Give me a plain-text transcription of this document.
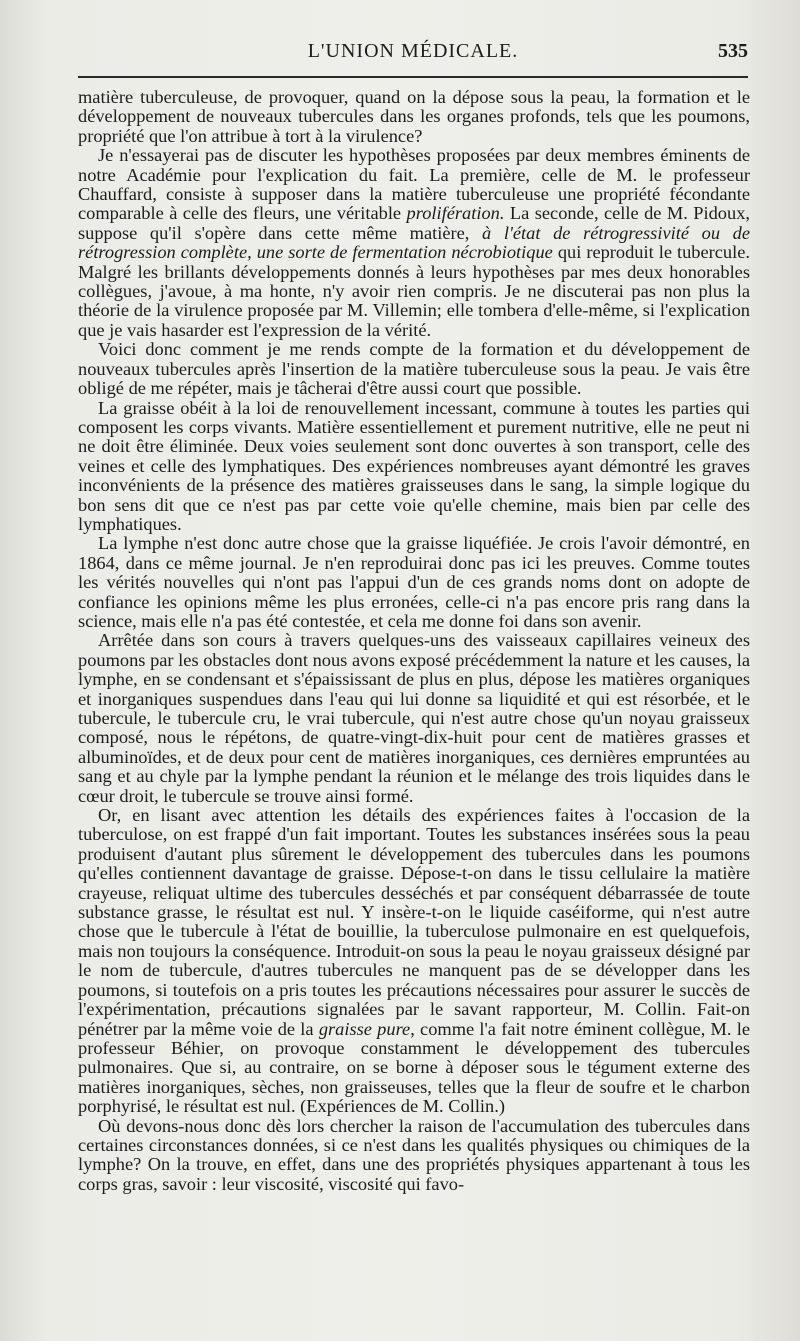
L'UNION MÉDICALE.	535

matière tuberculeuse, de provoquer, quand on la dépose sous la peau, la formation et le développement de nouveaux tubercules dans les organes profonds, tels que les poumons, propriété que l'on attribue à tort à la virulence?

Je n'essayerai pas de discuter les hypothèses proposées par deux membres éminents de notre Académie pour l'explication du fait. La première, celle de M. le professeur Chauffard, consiste à supposer dans la matière tuberculeuse une propriété fécondante comparable à celle des fleurs, une véritable prolifération. La seconde, celle de M. Pidoux, suppose qu'il s'opère dans cette même matière, à l'état de rétrogressivité ou de rétrogression complète, une sorte de fermentation nécrobiotique qui reproduit le tubercule. Malgré les brillants développements donnés à leurs hypothèses par mes deux honorables collègues, j'avoue, à ma honte, n'y avoir rien compris. Je ne discuterai pas non plus la théorie de la virulence proposée par M. Villemin; elle tombera d'elle-même, si l'explication que je vais hasarder est l'expression de la vérité.

Voici donc comment je me rends compte de la formation et du développement de nouveaux tubercules après l'insertion de la matière tuberculeuse sous la peau. Je vais être obligé de me répéter, mais je tâcherai d'être aussi court que possible.

La graisse obéit à la loi de renouvellement incessant, commune à toutes les parties qui composent les corps vivants. Matière essentiellement et purement nutritive, elle ne peut ni ne doit être éliminée. Deux voies seulement sont donc ouvertes à son transport, celle des veines et celle des lymphatiques. Des expériences nombreuses ayant démontré les graves inconvénients de la présence des matières graisseuses dans le sang, la simple logique du bon sens dit que ce n'est pas par cette voie qu'elle chemine, mais bien par celle des lymphatiques.

La lymphe n'est donc autre chose que la graisse liquéfiée. Je crois l'avoir démontré, en 1864, dans ce même journal. Je n'en reproduirai donc pas ici les preuves. Comme toutes les vérités nouvelles qui n'ont pas l'appui d'un de ces grands noms dont on adopte de confiance les opinions même les plus erronées, celle-ci n'a pas encore pris rang dans la science, mais elle n'a pas été contestée, et cela me donne foi dans son avenir.

Arrêtée dans son cours à travers quelques-uns des vaisseaux capillaires veineux des poumons par les obstacles dont nous avons exposé précédemment la nature et les causes, la lymphe, en se condensant et s'épaississant de plus en plus, dépose les matières organiques et inorganiques suspendues dans l'eau qui lui donne sa liquidité et qui est résorbée, et le tubercule, le tubercule cru, le vrai tubercule, qui n'est autre chose qu'un noyau graisseux composé, nous le répétons, de quatre-vingt-dix-huit pour cent de matières grasses et albuminoïdes, et de deux pour cent de matières inorganiques, ces dernières empruntées au sang et au chyle par la lymphe pendant la réunion et le mélange des trois liquides dans le cœur droit, le tubercule se trouve ainsi formé.

Or, en lisant avec attention les détails des expériences faites à l'occasion de la tuberculose, on est frappé d'un fait important. Toutes les substances insérées sous la peau produisent d'autant plus sûrement le développement des tubercules dans les poumons qu'elles contiennent davantage de graisse. Dépose-t-on dans le tissu cellulaire la matière crayeuse, reliquat ultime des tubercules desséchés et par conséquent débarrassée de toute substance grasse, le résultat est nul. Y insère-t-on le liquide caséiforme, qui n'est autre chose que le tubercule à l'état de bouillie, la tuberculose pulmonaire en est quelquefois, mais non toujours la conséquence. Introduit-on sous la peau le noyau graisseux désigné par le nom de tubercule, d'autres tubercules ne manquent pas de se développer dans les poumons, si toutefois on a pris toutes les précautions nécessaires pour assurer le succès de l'expérimentation, précautions signalées par le savant rapporteur, M. Collin. Fait-on pénétrer par la même voie de la graisse pure, comme l'a fait notre éminent collègue, M. le professeur Béhier, on provoque constamment le développement des tubercules pulmonaires. Que si, au contraire, on se borne à déposer sous le tégument externe des matières inorganiques, sèches, non graisseuses, telles que la fleur de soufre et le charbon porphyrisé, le résultat est nul. (Expériences de M. Collin.)

Où devons-nous donc dès lors chercher la raison de l'accumulation des tubercules dans certaines circonstances données, si ce n'est dans les qualités physiques ou chimiques de la lymphe? On la trouve, en effet, dans une des propriétés physiques appartenant à tous les corps gras, savoir : leur viscosité, viscosité qui favo-
